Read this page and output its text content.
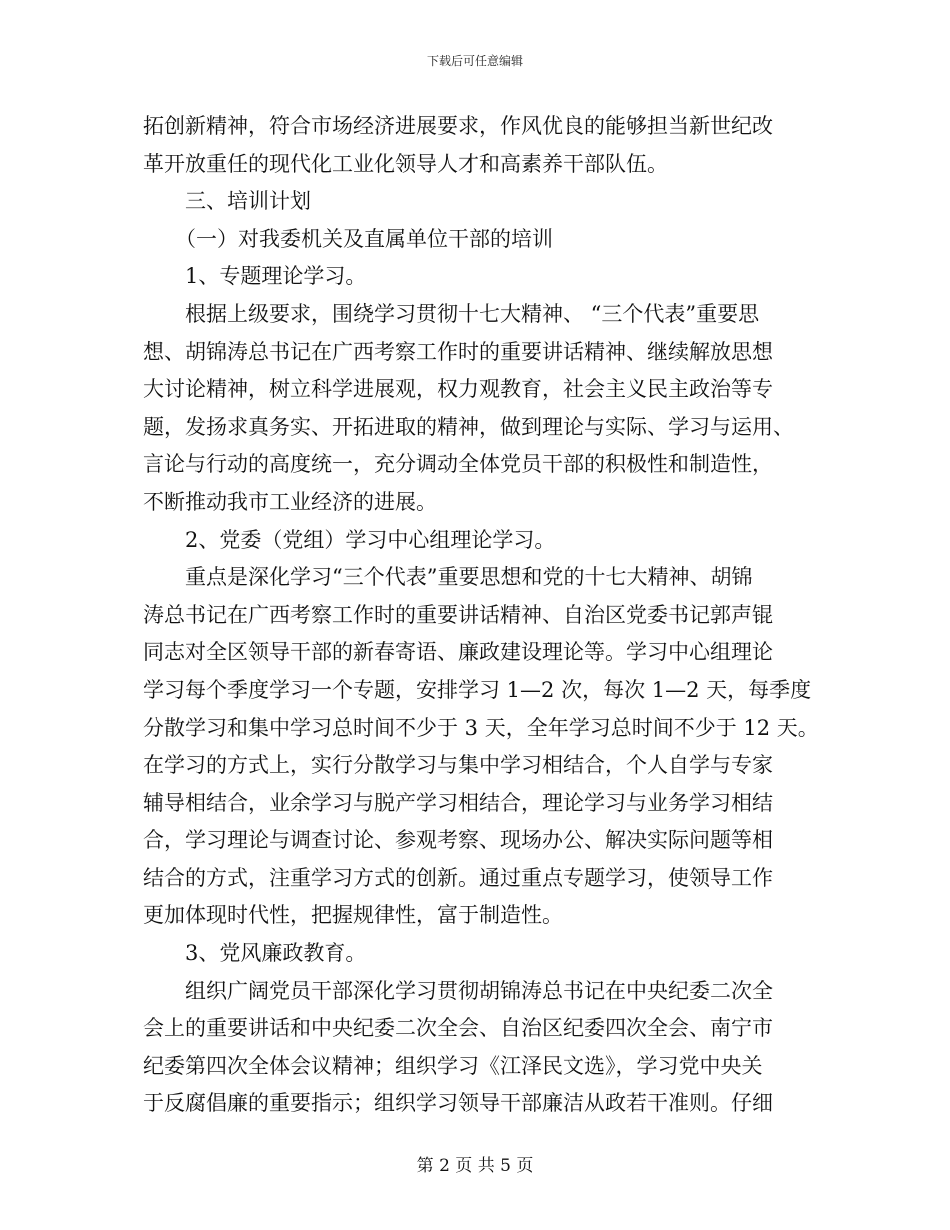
下载后可任意编辑
拓创新精神，符合市场经济进展要求，作风优良的能够担当新世纪改
革开放重任的现代化工业化领导人才和高素养干部队伍。
三、培训计划
（一）对我委机关及直属单位干部的培训
1、专题理论学习。
根据上级要求，围绕学习贯彻十七大精神、 “三个代表”重要思
想、胡锦涛总书记在广西考察工作时的重要讲话精神、继续解放思想
大讨论精神，树立科学进展观，权力观教育，社会主义民主政治等专
题，发扬求真务实、开拓进取的精神，做到理论与实际、学习与运用、
言论与行动的高度统一，充分调动全体党员干部的积极性和制造性，
不断推动我市工业经济的进展。
2、党委（党组）学习中心组理论学习。
重点是深化学习“三个代表”重要思想和党的十七大精神、胡锦
涛总书记在广西考察工作时的重要讲话精神、自治区党委书记郭声锟
同志对全区领导干部的新春寄语、廉政建设理论等。学习中心组理论
学习每个季度学习一个专题，安排学习 1—2 次，每次 1—2 天，每季度
分散学习和集中学习总时间不少于 3 天，全年学习总时间不少于 12 天。
在学习的方式上，实行分散学习与集中学习相结合，个人自学与专家
辅导相结合，业余学习与脱产学习相结合，理论学习与业务学习相结
合，学习理论与调查讨论、参观考察、现场办公、解决实际问题等相
结合的方式，注重学习方式的创新。通过重点专题学习，使领导工作
更加体现时代性，把握规律性，富于制造性。
3、党风廉政教育。
组织广阔党员干部深化学习贯彻胡锦涛总书记在中央纪委二次全
会上的重要讲话和中央纪委二次全会、自治区纪委四次全会、南宁市
纪委第四次全体会议精神；组织学习《江泽民文选》，学习党中央关
于反腐倡廉的重要指示；组织学习领导干部廉洁从政若干准则。仔细
第 2 页 共 5 页
